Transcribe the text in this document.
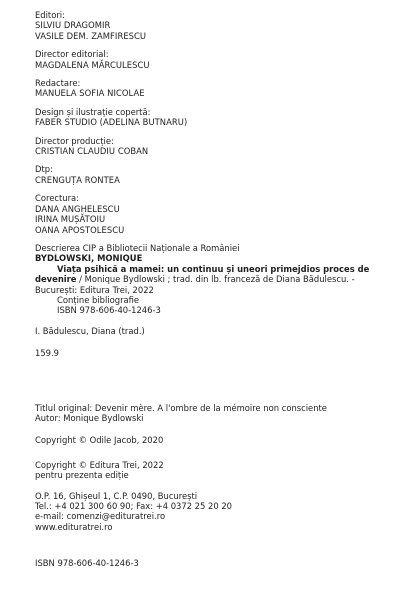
Editori:
SILVIU DRAGOMIR
VASILE DEM. ZAMFIRESCU
Director editorial:
MAGDALENA MĂRCULESCU
Redactare:
MANUELA SOFIA NICOLAE
Design și ilustrație copertă:
FABER STUDIO (ADELINA BUTNARU)
Director producție:
CRISTIAN CLAUDIU COBAN
Dtp:
CRENGUȚA RONTEA
Corectura:
DANA ANGHELESCU
IRINA MUȘĂTOIU
OANA APOSTOLESCU
Descrierea CIP a Bibliotecii Naționale a României
BYDLOWSKI, MONIQUE
Viața psihică a mamei: un continuu și uneori primejdios proces de
devenire / Monique Bydlowski ; trad. din lb. franceză de Diana Bădulescu. -
București: Editura Trei, 2022
Conține bibliografie
ISBN 978-606-40-1246-3
I. Bădulescu, Diana (trad.)
159.9
Titlul original: Devenir mère. A l'ombre de la mémoire non consciente
Autor: Monique Bydlowski
Copyright © Odile Jacob, 2020
Copyright © Editura Trei, 2022
pentru prezenta ediție
O.P. 16, Ghișeul 1, C.P. 0490, București
Tel.: +4 021 300 60 90; Fax: +4 0372 25 20 20
e-mail: comenzi@edituratrei.ro
www.edituratrei.ro
ISBN 978-606-40-1246-3
